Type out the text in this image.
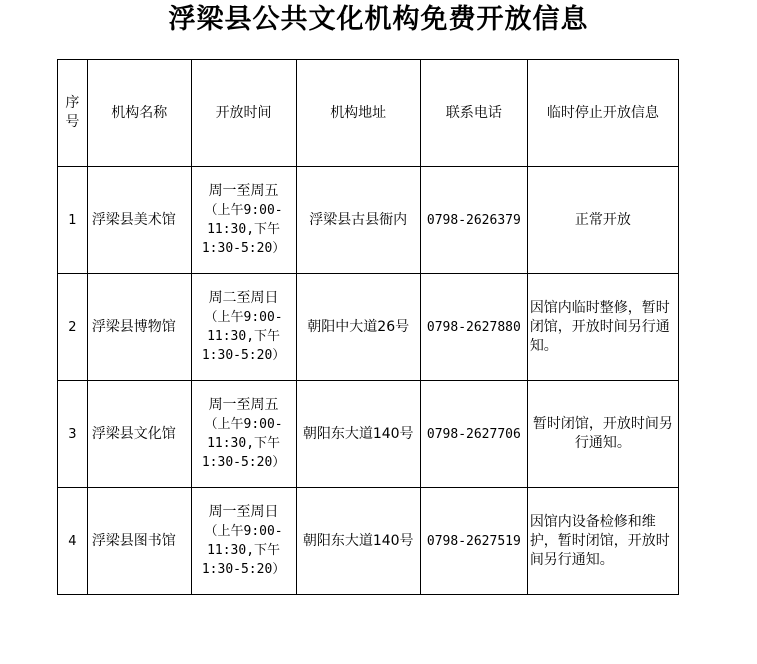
浮梁县公共文化机构免费开放信息
序号	机构名称	开放时间	机构地址	联系电话	临时停止开放信息
1	浮梁县美术馆	周一至周五
（上午9:00-
11:30,下午
1:30-5:20）	浮梁县古县衙内	0798-2626379	正常开放
2	浮梁县博物馆	周二至周日
（上午9:00-
11:30,下午
1:30-5:20）	朝阳中大道26号	0798-2627880	因馆内临时整修，暂时闭馆，开放时间另行通知。
3	浮梁县文化馆	周一至周五
（上午9:00-
11:30,下午
1:30-5:20）	朝阳东大道140号	0798-2627706	暂时闭馆，开放时间另行通知。
4	浮梁县图书馆	周一至周日
（上午9:00-
11:30,下午
1:30-5:20）	朝阳东大道140号	0798-2627519	因馆内设备检修和维护，暂时闭馆，开放时间另行通知。
